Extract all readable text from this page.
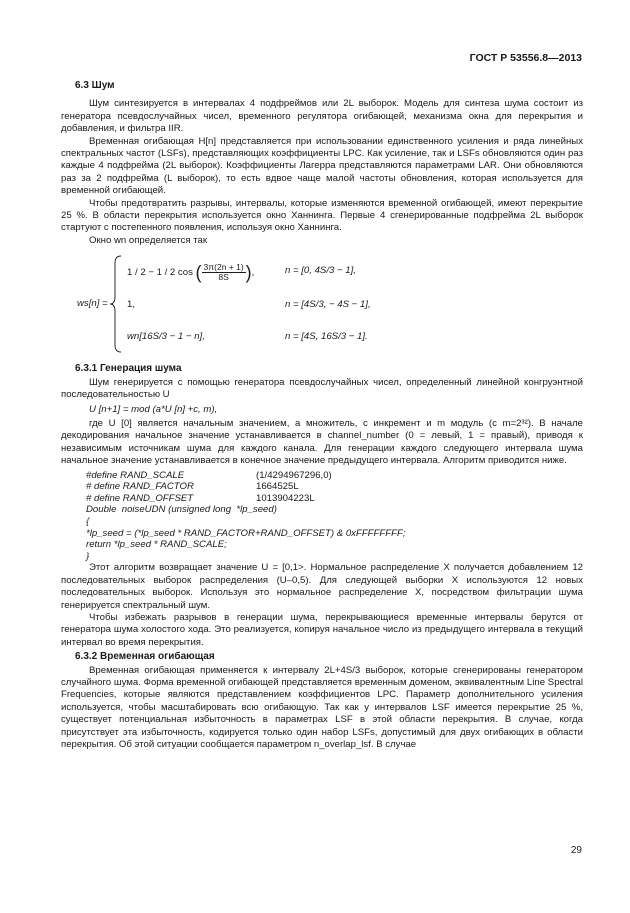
ГОСТ Р 53556.8—2013
6.3 Шум

Шум синтезируется в интервалах 4 подфреймов или 2L выборок. Модель для синтеза шума состоит из генератора псевдослучайных чисел, временного регулятора огибающей, механизма окна для перекрытия и добавления, и фильтра IIR.

Временная огибающая H[n] представляется при использовании единственного усиления и ряда линейных спектральных частот (LSFs), представляющих коэффициенты LPC. Как усиление, так и LSFs обновляются один раз каждые 4 подфрейма (2L выборок). Коэффициенты Лагерра представляются параметрами LAR. Они обновляются раз за 2 подфрейма (L выборок), то есть вдвое чаще малой частоты обновления, которая используется для временной огибающей.

Чтобы предотвратить разрывы, интервалы, которые изменяются временной огибающей, имеют перекрытие 25 %. В области перекрытия используется окно Ханнинга. Первые 4 сгенерированные подфрейма 2L выборок стартуют с постепенного появления, используя окно Ханнинга.

Окно wn определяется так

ws[n] =
1 / 2 − 1 / 2 cos ( $\frac{3\pi(2n + 1)}{8S}$ ),	n = [0, 4S/3 − 1],
1,	n = [4S/3, − 4S − 1],
wn[16S/3 − 1 − n],	n = [4S, 16S/3 − 1].
6.3.1 Генерация шума

Шум генерируется с помощью генератора псевдослучайных чисел, определенный линейной конгруэнтной последовательностью U

U [n+1] = mod (a*U [n] +c, m),

где U [0] является начальным значением, a множитель, c инкремент и m модуль (с m=2³²). В начале декодирования начальное значение устанавливается в channel_number (0 = левый, 1 = правый), приводя к независимым источникам шума для каждого канала. Для генерации каждого следующего интервала шума начальное значение устанавливается в конечное значение предыдущего интервала. Алгоритм приводится ниже.

#define RAND_SCALE	(1/4294967296,0)
# define RAND_FACTOR	1664525L
# define RAND_OFFSET	1013904223L
Double  noiseUDN (unsigned long  *lp_seed)
{
*lp_seed = (*lp_seed * RAND_FACTOR+RAND_OFFSET) & 0xFFFFFFFF;
return *lp_seed * RAND_SCALE;
}

Этот алгоритм возвращает значение U = [0,1>. Нормальное распределение X получается добавлением 12 последовательных выборок распределения (U–0,5). Для следующей выборки X используются 12 новых последовательных выборок. Используя это нормальное распределение X, посредством фильтрации шума генерируется спектральный шум.

Чтобы избежать разрывов в генерации шума, перекрывающиеся временные интервалы берутся от генератора шума холостого хода. Это реализуется, копируя начальное число из предыдущего интервала в текущий интервал во время перекрытия.

6.3.2 Временная огибающая

Временная огибающая применяется к интервалу 2L+4S/3 выборок, которые сгенерированы генератором случайного шума. Форма временной огибающей представляется временным доменом, эквивалентным Line Spectral Frequencies, которые являются представлением коэффициентов LPC. Параметр дополнительного усиления используется, чтобы масштабировать всю огибающую. Так как у интервалов LSF имеется перекрытие 25 %, существует потенциальная избыточность в параметрах LSF в этой области перекрытия. В случае, когда присутствует эта избыточность, кодируется только один набор LSFs, допустимый для двух огибающих в области перекрытия. Об этой ситуации сообщается параметром n_overlap_lsf. В случае

29
